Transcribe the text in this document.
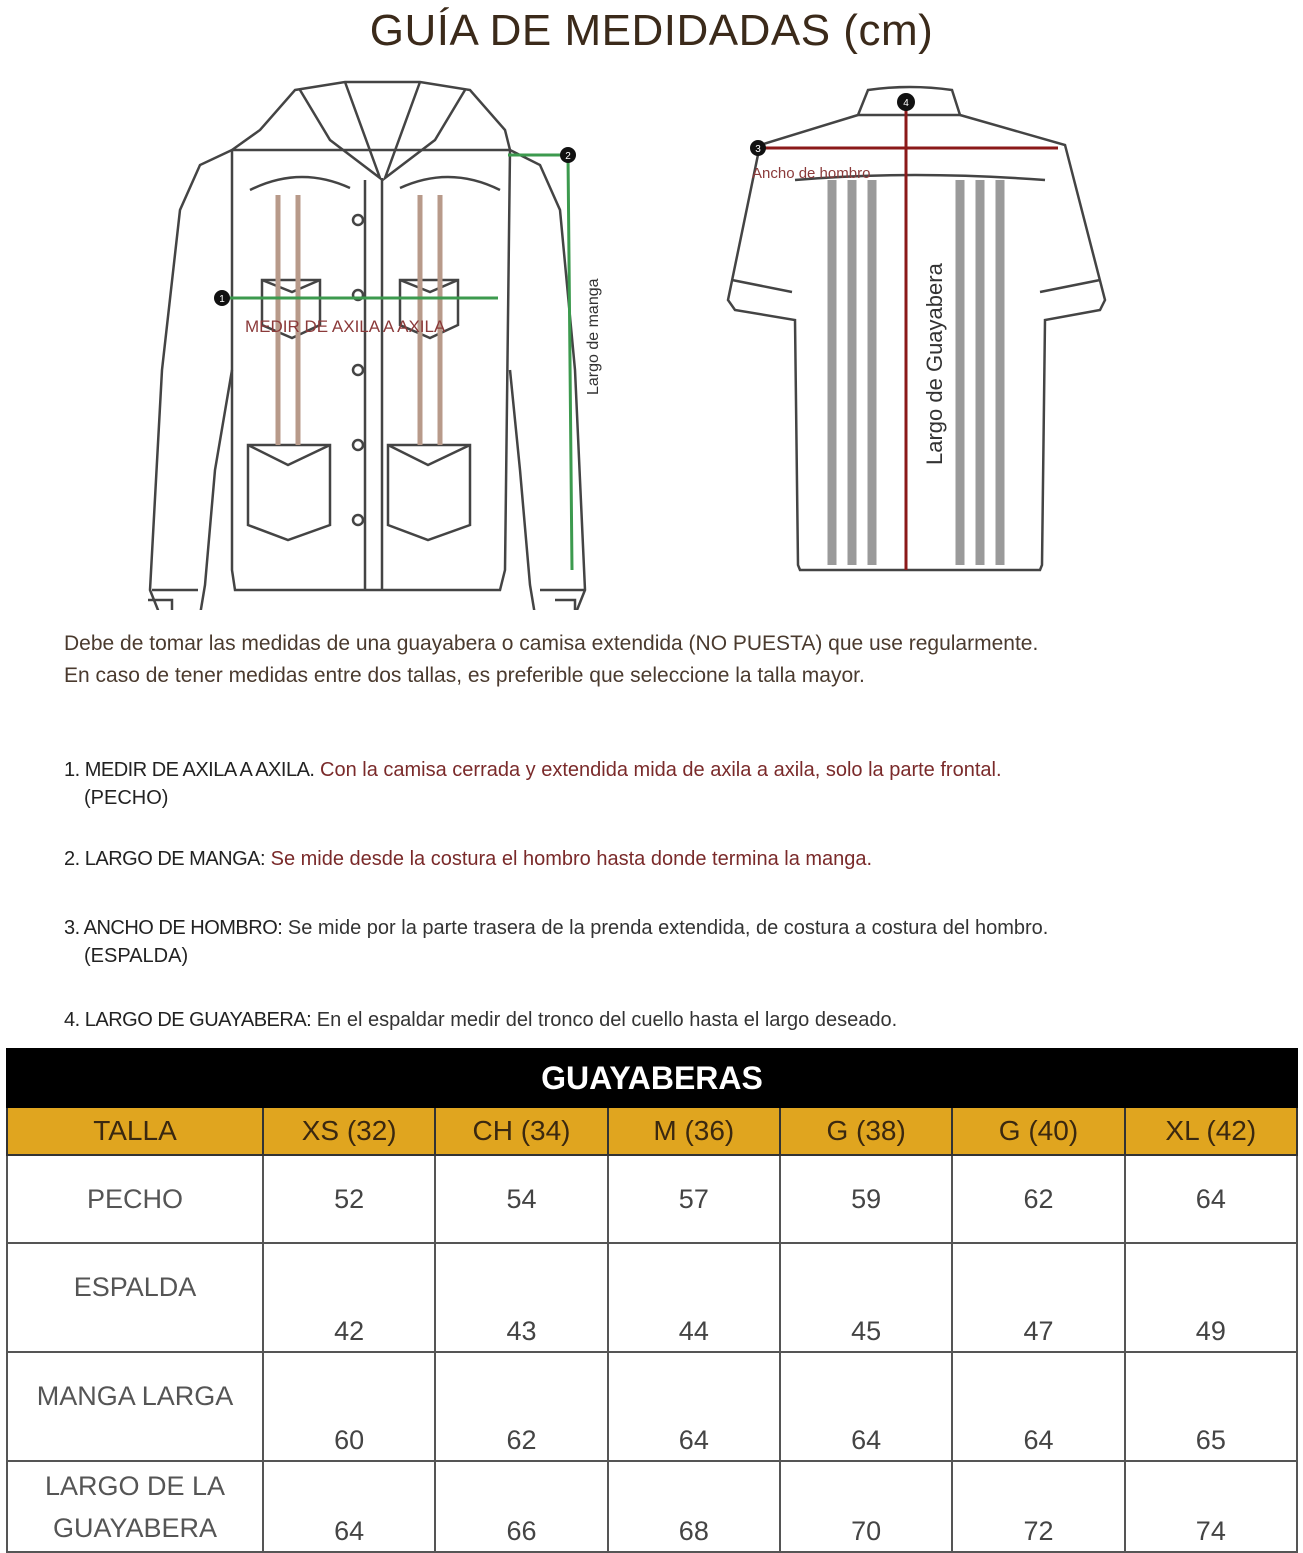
GUÍA DE MEDIDADAS (cm)
1
MEDIR DE AXILA A AXILA
2
Largo de manga
3
Ancho de hombro
4
Largo de Guayabera

Debe de tomar las medidas de una guayabera o camisa extendida (NO PUESTA) que use regularmente.

En caso de tener medidas entre dos tallas, es preferible que seleccione la talla mayor.

1. MEDIR DE AXILA A AXILA. Con la camisa cerrada y extendida mida de axila a axila, solo la parte frontal.
(PECHO)
2. LARGO DE MANGA: Se mide desde la costura el hombro hasta donde termina la manga.
3. ANCHO DE HOMBRO: Se mide por la parte trasera de la prenda extendida, de costura a costura del hombro.
(ESPALDA)
4. LARGO DE GUAYABERA: En el espaldar medir del tronco del cuello hasta el largo deseado.
GUAYABERAS						
TALLA	XS (32)	CH (34)	M (36)	G (38)	G (40)	XL (42)
PECHO	52	54	57	59	62	64
ESPALDA	42	43	44	45	47	49
MANGA LARGA	60	62	64	64	64	65
LARGO DE LA
GUAYABERA	64	66	68	70	72	74
